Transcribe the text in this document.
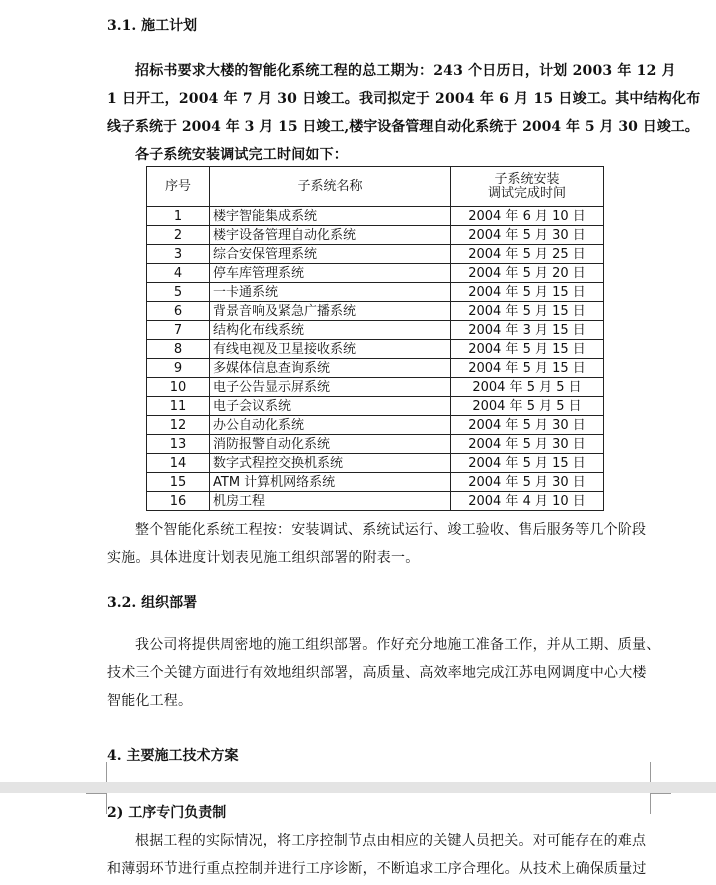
3.1. 施工计划
招标书要求大楼的智能化系统工程的总工期为：243 个日历日，计划 2003 年 12 月
1 日开工，2004 年 7 月 30 日竣工。我司拟定于 2004 年 6 月 15 日竣工。其中结构化布
线子系统于 2004 年 3 月 15 日竣工,楼宇设备管理自动化系统于 2004 年 5 月 30 日竣工。
各子系统安装调试完工时间如下：
序号	子系统名称	子系统安装
调试完成时间

1	楼宇智能集成系统	2004 年 6 月 10 日
2	楼宇设备管理自动化系统	2004 年 5 月 30 日
3	综合安保管理系统	2004 年 5 月 25 日
4	停车库管理系统	2004 年 5 月 20 日
5	一卡通系统	2004 年 5 月 15 日
6	背景音响及紧急广播系统	2004 年 5 月 15 日
7	结构化布线系统	2004 年 3 月 15 日
8	有线电视及卫星接收系统	2004 年 5 月 15 日
9	多媒体信息查询系统	2004 年 5 月 15 日
10	电子公告显示屏系统	2004 年 5 月 5 日
11	电子会议系统	2004 年 5 月 5 日
12	办公自动化系统	2004 年 5 月 30 日
13	消防报警自动化系统	2004 年 5 月 30 日
14	数字式程控交换机系统	2004 年 5 月 15 日
15	ATM 计算机网络系统	2004 年 5 月 30 日
16	机房工程	2004 年 4 月 10 日
整个智能化系统工程按：安装调试、系统试运行、竣工验收、售后服务等几个阶段
实施。具体进度计划表见施工组织部署的附表一。
3.2. 组织部署
我公司将提供周密地的施工组织部署。作好充分地施工准备工作，并从工期、质量、
技术三个关键方面进行有效地组织部署，高质量、高效率地完成江苏电网调度中心大楼
智能化工程。
4. 主要施工技术方案
2) 工序专门负责制
根据工程的实际情况，将工序控制节点由相应的关键人员把关。对可能存在的难点
和薄弱环节进行重点控制并进行工序诊断，不断追求工序合理化。从技术上确保质量过
